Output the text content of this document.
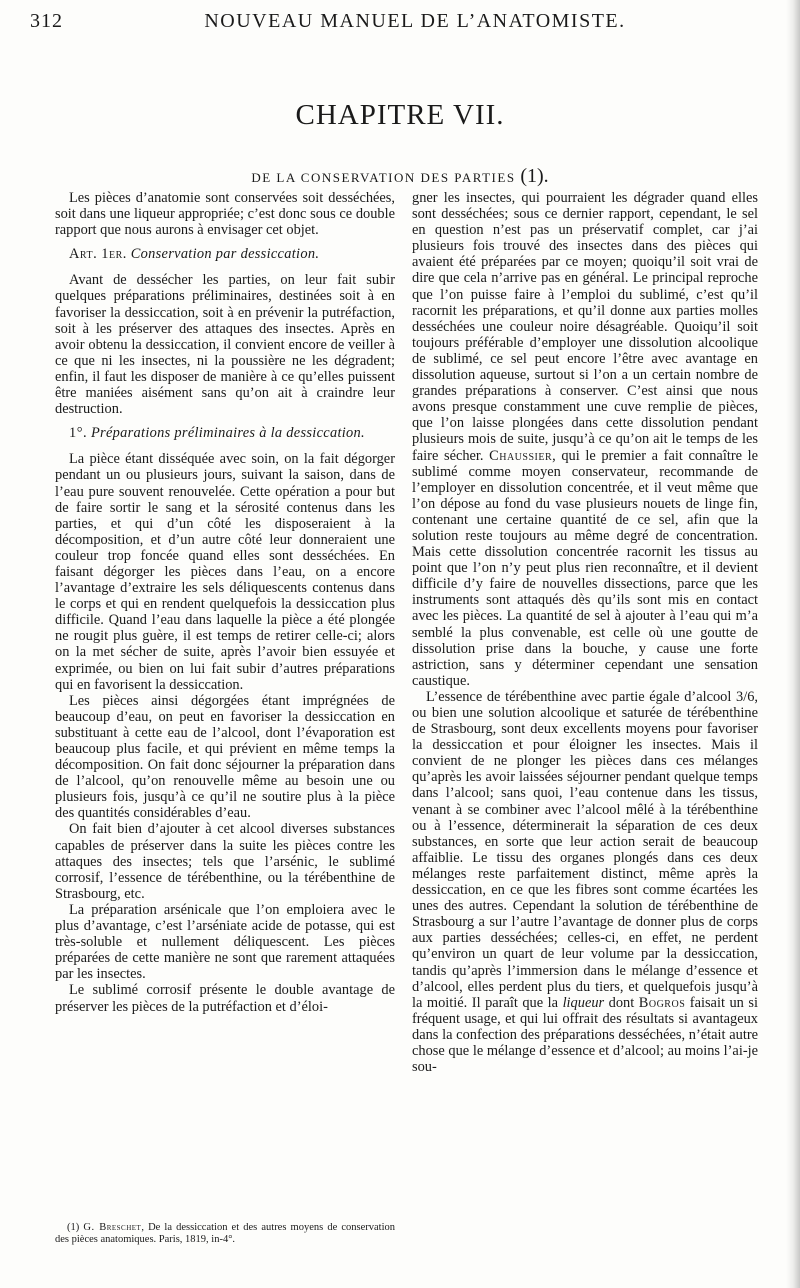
312	NOUVEAU MANUEL DE L’ANATOMISTE.
CHAPITRE VII.
DE LA CONSERVATION DES PARTIES (1).

Les pièces d’anatomie sont conservées soit desséchées, soit dans une liqueur appropriée; c’est donc sous ce double rapport que nous aurons à envisager cet objet.

Art. 1er. Conservation par dessiccation.

Avant de dessécher les parties, on leur fait subir quelques préparations préliminaires, destinées soit à en favoriser la dessiccation, soit à en prévenir la putréfaction, soit à les préserver des attaques des insectes. Après en avoir obtenu la dessiccation, il convient encore de veiller à ce que ni les insectes, ni la poussière ne les dégradent; enfin, il faut les disposer de manière à ce qu’elles puissent être maniées aisément sans qu’on ait à craindre leur destruction.

1°. Préparations préliminaires à la dessiccation.

La pièce étant disséquée avec soin, on la fait dégorger pendant un ou plusieurs jours, suivant la saison, dans de l’eau pure souvent renouvelée. Cette opération a pour but de faire sortir le sang et la sérosité contenus dans les parties, et qui d’un côté les disposeraient à la décomposition, et d’un autre côté leur donneraient une couleur trop foncée quand elles sont desséchées. En faisant dégorger les pièces dans l’eau, on a encore l’avantage d’extraire les sels déliquescents contenus dans le corps et qui en rendent quelquefois la dessiccation plus difficile. Quand l’eau dans laquelle la pièce a été plongée ne rougit plus guère, il est temps de retirer celle-ci; alors on la met sécher de suite, après l’avoir bien essuyée et exprimée, ou bien on lui fait subir d’autres préparations qui en favorisent la dessiccation.

Les pièces ainsi dégorgées étant imprégnées de beaucoup d’eau, on peut en favoriser la dessiccation en substituant à cette eau de l’alcool, dont l’évaporation est beaucoup plus facile, et qui prévient en même temps la décomposition. On fait donc séjourner la préparation dans de l’alcool, qu’on renouvelle même au besoin une ou plusieurs fois, jusqu’à ce qu’il ne soutire plus à la pièce des quantités considérables d’eau.

On fait bien d’ajouter à cet alcool diverses substances capables de préserver dans la suite les pièces contre les attaques des insectes; tels que l’arsénic, le sublimé corrosif, l’essence de térébenthine, ou la térébenthine de Strasbourg, etc.

La préparation arsénicale que l’on emploiera avec le plus d’avantage, c’est l’arséniate acide de potasse, qui est très-soluble et nullement déliquescent. Les pièces préparées de cette manière ne sont que rarement attaquées par les insectes.

Le sublimé corrosif présente le double avantage de préserver les pièces de la putréfaction et d’éloi-

(1) G. Breschet, De la dessiccation et des autres moyens de conservation des pièces anatomiques. Paris, 1819, in-4°.

gner les insectes, qui pourraient les dégrader quand elles sont desséchées; sous ce dernier rapport, cependant, le sel en question n’est pas un préservatif complet, car j’ai plusieurs fois trouvé des insectes dans des pièces qui avaient été préparées par ce moyen; quoiqu’il soit vrai de dire que cela n’arrive pas en général. Le principal reproche que l’on puisse faire à l’emploi du sublimé, c’est qu’il racornit les préparations, et qu’il donne aux parties molles desséchées une couleur noire désagréable. Quoiqu’il soit toujours préférable d’employer une dissolution alcoolique de sublimé, ce sel peut encore l’être avec avantage en dissolution aqueuse, surtout si l’on a un certain nombre de grandes préparations à conserver. C’est ainsi que nous avons presque constamment une cuve remplie de pièces, que l’on laisse plongées dans cette dissolution pendant plusieurs mois de suite, jusqu’à ce qu’on ait le temps de les faire sécher. Chaussier, qui le premier a fait connaître le sublimé comme moyen conservateur, recommande de l’employer en dissolution concentrée, et il veut même que l’on dépose au fond du vase plusieurs nouets de linge fin, contenant une certaine quantité de ce sel, afin que la solution reste toujours au même degré de concentration. Mais cette dissolution concentrée racornit les tissus au point que l’on n’y peut plus rien reconnaître, et il devient difficile d’y faire de nouvelles dissections, parce que les instruments sont attaqués dès qu’ils sont mis en contact avec les pièces. La quantité de sel à ajouter à l’eau qui m’a semblé la plus convenable, est celle où une goutte de dissolution prise dans la bouche, y cause une forte astriction, sans y déterminer cependant une sensation caustique.

L’essence de térébenthine avec partie égale d’alcool 3/6, ou bien une solution alcoolique et saturée de térébenthine de Strasbourg, sont deux excellents moyens pour favoriser la dessiccation et pour éloigner les insectes. Mais il convient de ne plonger les pièces dans ces mélanges qu’après les avoir laissées séjourner pendant quelque temps dans l’alcool; sans quoi, l’eau contenue dans les tissus, venant à se combiner avec l’alcool mêlé à la térébenthine ou à l’essence, déterminerait la séparation de ces deux substances, en sorte que leur action serait de beaucoup affaiblie. Le tissu des organes plongés dans ces deux mélanges reste parfaitement distinct, même après la dessiccation, en ce que les fibres sont comme écartées les unes des autres. Cependant la solution de térébenthine de Strasbourg a sur l’autre l’avantage de donner plus de corps aux parties desséchées; celles-ci, en effet, ne perdent qu’environ un quart de leur volume par la dessiccation, tandis qu’après l’immersion dans le mélange d’essence et d’alcool, elles perdent plus du tiers, et quelquefois jusqu’à la moitié. Il paraît que la liqueur dont Bogros faisait un si fréquent usage, et qui lui offrait des résultats si avantageux dans la confection des préparations desséchées, n’était autre chose que le mélange d’essence et d’alcool; au moins l’ai-je sou-
